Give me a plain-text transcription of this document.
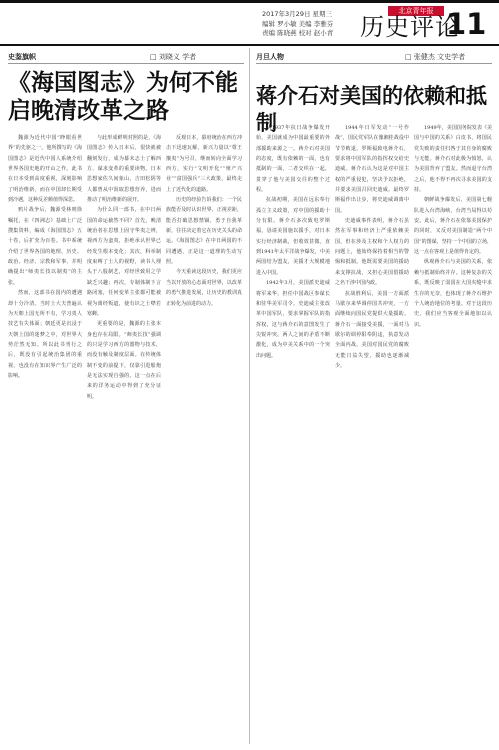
北京青年报
2017年3月29日 星期三
编辑 罗小敏 美编 李雅芬
责编 陈晓燕 校对 赵小青	历史评论
11
史鉴旗帜	□ 刘晓义 学者
《海国图志》为何不能
启晚清改革之路

魏源为近代中国“睁眼看世界”的先驱之一，他所撰写的《海国图志》是近代中国人系统介绍世界各国史地的开山之作。此书在日本受到高度重视，深刻影响了明治维新，而在中国却长期受到冷遇，这种反差颇值得深思。

鸦片战争后，魏源受林则徐嘱托，在《四洲志》基础上广泛搜集资料，编成《海国图志》五十卷，后扩充为百卷。书中系统介绍了世界各国的地理、历史、政治、经济、宗教和军事，并明确提出“师夷长技以制夷”的主张。

然而，这部书在国内的遭遇却十分冷清。当时士大夫普遍认为天朝上国无所不有，学习夷人技艺有失体面；朝廷更是沉浸于天朝上国的迷梦之中，对世界大势茫然无知。所以此书刊行之后，既没有引起统治集团的重视，也没有在知识界产生广泛的影响。

与此形成鲜明对照的是，《海国图志》传入日本后，很快就被翻刻发行，成为幕末志士了解西方、谋求变革的重要读物。日本思想家佐久间象山、吉田松阴等人都曾从中汲取思想营养，进而推动了明治维新的展开。

为什么同一部书，在中日两国的命运截然不同？首先，晚清统治者在思想上固守华夷之辨，视西方为蛮夷，拒绝承认世界已经发生根本变化；其次，科举制度束缚了士人的视野，读书人埋头于八股制艺，对经世致用之学缺乏兴趣；再次，专制体制下言路闭塞，任何变革主张都可能被视为离经叛道，使有识之士噤若寒蝉。

更重要的是，魏源的主张本身也存在局限。“师夷长技”强调的只是学习西方的器物与技术，而没有触及制度层面。在传统体制不变的前提下，仅靠引进船炮是无法实现自强的，这一点在后来的洋务运动中得到了充分证明。

反观日本，幕府统治在西方冲击下迅速瓦解，新兴力量以“尊王攘夷”为号召，继而转向全面学习西方，实行“文明开化”“殖产兴业”“富国强兵”三大政策，最终走上了近代化的道路。

历史的经验告诉我们：一个民族能否及时认识世界、正视差距，能否打破思想禁锢、勇于自我革新，往往决定着它在历史关头的命运。《海国图志》在中日两国的不同遭遇，正是这一道理的生动写照。

今天重读这段历史，我们更应当以开放的心态面对世界，以改革的勇气推进发展，让历史的教训真正转化为前进的动力。

月旦人物	□ 张健杰 文史学者
蒋介石对美国的依赖和抵制

从1937年抗日战争爆发开始，美国就成为中国最重要的外部援助来源之一。蒋介石对美国的态度，既有依赖的一面，也有抵制的一面，二者交织在一起，贯穿了他与美国交往的整个过程。

抗战初期，美国在远东奉行孤立主义政策，对中国的援助十分有限。蒋介石多次致电罗斯福，恳请美国施以援手，对日本实行经济制裁，但收效甚微。直到1941年太平洋战争爆发，中美两国结为盟友，美援才大规模地进入中国。

1942年3月，美国派史迪威将军来华，担任中国战区参谋长和驻华美军司令。史迪威主张改革中国军队，要求掌握军队的指挥权，这与蒋介石的意图发生了尖锐冲突。两人之间的矛盾不断激化，成为中美关系中的一个突出问题。

1944年日军发动“一号作战”，国民党军队在豫湘桂战役中节节败退，罗斯福致电蒋介石，要求将中国军队的指挥权交给史迪威。蒋介石认为这是对中国主权的严重侵犯，坚决予以拒绝，并要求美国召回史迪威。最终罗斯福作出让步，将史迪威调离中国。

史迪威事件表明，蒋介石虽然在军事和经济上严重依赖美国，但在涉及主权和个人权力的问题上，他始终保持着相当的警惕和抵制。他既需要美国的援助来支撑抗战，又担心美国借援助之名干涉中国内政。

抗战胜利后，美国一方面派马歇尔来华调停国共冲突，一方面继续向国民党提供大量援助。蒋介石一面接受美援，一面对马歇尔的调停阳奉阴违，执意发动全面内战。美国对国民党的腐败无能日益失望，援助也逐渐减少。

1949年，美国国务院发表《美国与中国的关系》白皮书，将国民党失败的责任归咎于其自身的腐败与无能。蒋介石对此极为愤怒，认为美国背弃了盟友。然而退守台湾之后，他不得不再次寻求美国的支持。

朝鲜战争爆发后，美国第七舰队进入台湾海峡，台湾当局得以苟安。此后，蒋介石在依靠美国保护的同时，又反对美国制造“两个中国”的图谋，坚持一个中国的立场，这一点在客观上是值得肯定的。

纵观蒋介石与美国的关系，依赖与抵制始终并存。这种复杂的关系，既反映了弱国在大国夹缝中求生存的无奈，也体现了蒋介石维护个人统治地位的考量。对于这段历史，我们应当客观全面地加以认识。
